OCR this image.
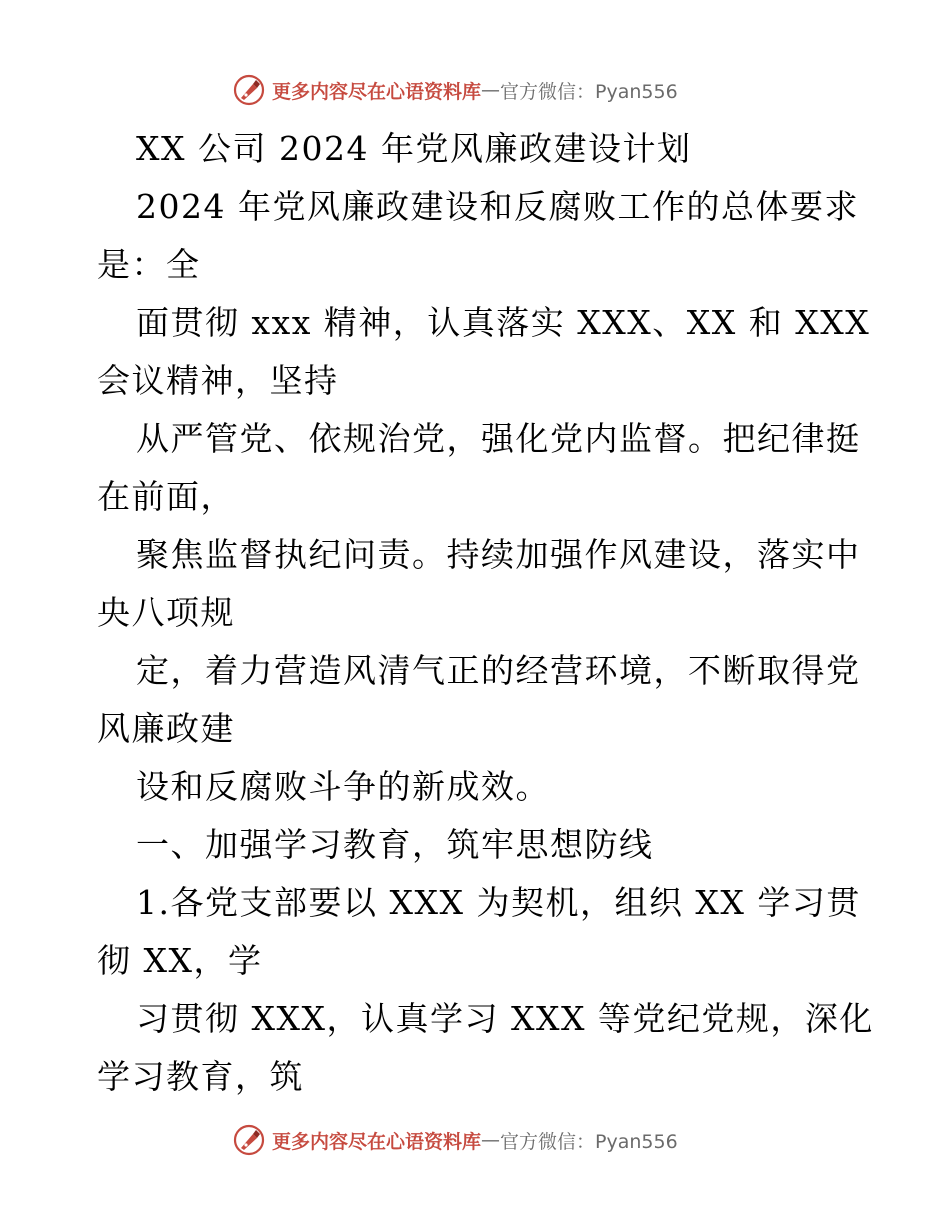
更多内容尽在心语资料库 — 官方微信：Pyan556
XX 公司 2024 年党风廉政建设计划
2024 年党风廉政建设和反腐败工作的总体要求
是：全
面贯彻 xxx 精神，认真落实 XXX、XX 和 XXX
会议精神，坚持
从严管党、依规治党，强化党内监督。把纪律挺
在前面，
聚焦监督执纪问责。持续加强作风建设，落实中
央八项规
定，着力营造风清气正的经营环境，不断取得党
风廉政建
设和反腐败斗争的新成效。
一、加强学习教育，筑牢思想防线
1.各党支部要以 XXX 为契机，组织 XX 学习贯
彻 XX，学
习贯彻 XXX，认真学习 XXX 等党纪党规，深化
学习教育，筑
更多内容尽在心语资料库 — 官方微信：Pyan556
